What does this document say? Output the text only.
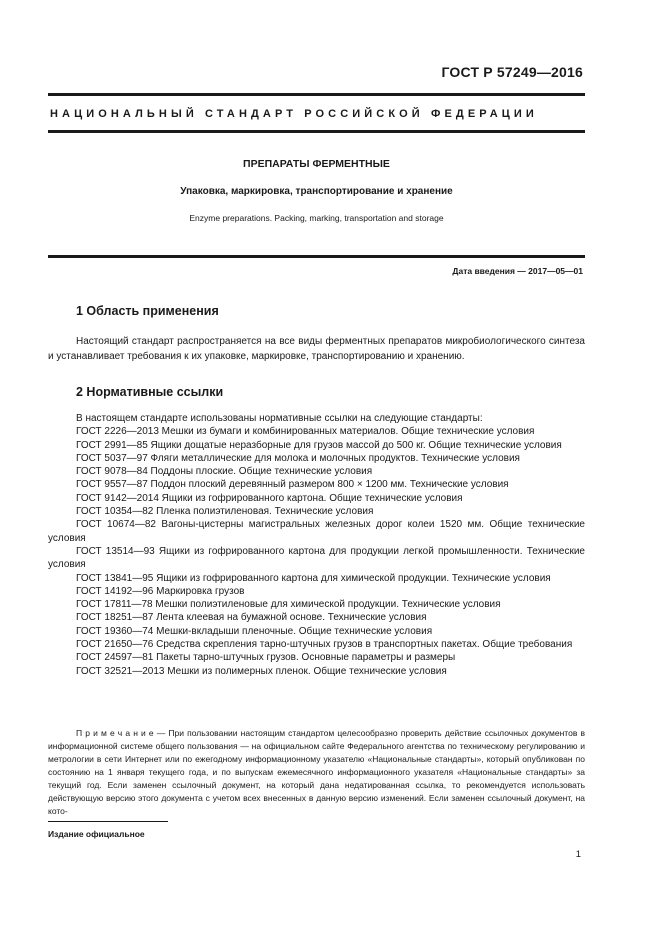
ГОСТ Р 57249—2016
НАЦИОНАЛЬНЫЙ СТАНДАРТ РОССИЙСКОЙ ФЕДЕРАЦИИ
ПРЕПАРАТЫ ФЕРМЕНТНЫЕ
Упаковка, маркировка, транспортирование и хранение
Enzyme preparations. Packing, marking, transportation and storage
Дата введения — 2017—05—01
1 Область применения
Настоящий стандарт распространяется на все виды ферментных препаратов микробиологического синтеза и устанавливает требования к их упаковке, маркировке, транспортированию и хранению.
2 Нормативные ссылки
В настоящем стандарте использованы нормативные ссылки на следующие стандарты:
ГОСТ 2226—2013 Мешки из бумаги и комбинированных материалов. Общие технические условия
ГОСТ 2991—85 Ящики дощатые неразборные для грузов массой до 500 кг. Общие технические условия
ГОСТ 5037—97 Фляги металлические для молока и молочных продуктов. Технические условия
ГОСТ 9078—84 Поддоны плоские. Общие технические условия
ГОСТ 9557—87 Поддон плоский деревянный размером 800 × 1200 мм. Технические условия
ГОСТ 9142—2014 Ящики из гофрированного картона. Общие технические условия
ГОСТ 10354—82 Пленка полиэтиленовая. Технические условия
ГОСТ 10674—82 Вагоны-цистерны магистральных железных дорог колеи 1520 мм. Общие технические условия
ГОСТ 13514—93 Ящики из гофрированного картона для продукции легкой промышленности. Технические условия
ГОСТ 13841—95 Ящики из гофрированного картона для химической продукции. Технические условия
ГОСТ 14192—96 Маркировка грузов
ГОСТ 17811—78 Мешки полиэтиленовые для химической продукции. Технические условия
ГОСТ 18251—87 Лента клеевая на бумажной основе. Технические условия
ГОСТ 19360—74 Мешки-вкладыши пленочные. Общие технические условия
ГОСТ 21650—76 Средства скрепления тарно-штучных грузов в транспортных пакетах. Общие требования
ГОСТ 24597—81 Пакеты тарно-штучных грузов. Основные параметры и размеры
ГОСТ 32521—2013 Мешки из полимерных пленок. Общие технические условия
П р и м е ч а н и е — При пользовании настоящим стандартом целесообразно проверить действие ссылочных документов в информационной системе общего пользования — на официальном сайте Федерального агентства по техническому регулированию и метрологии в сети Интернет или по ежегодному информационному указателю «Национальные стандарты», который опубликован по состоянию на 1 января текущего года, и по выпускам ежемесячного информационного указателя «Национальные стандарты» за текущий год. Если заменен ссылочный документ, на который дана недатированная ссылка, то рекомендуется использовать действующую версию этого документа с учетом всех внесенных в данную версию изменений. Если заменен ссылочный документ, на кото-
Издание официальное
1
